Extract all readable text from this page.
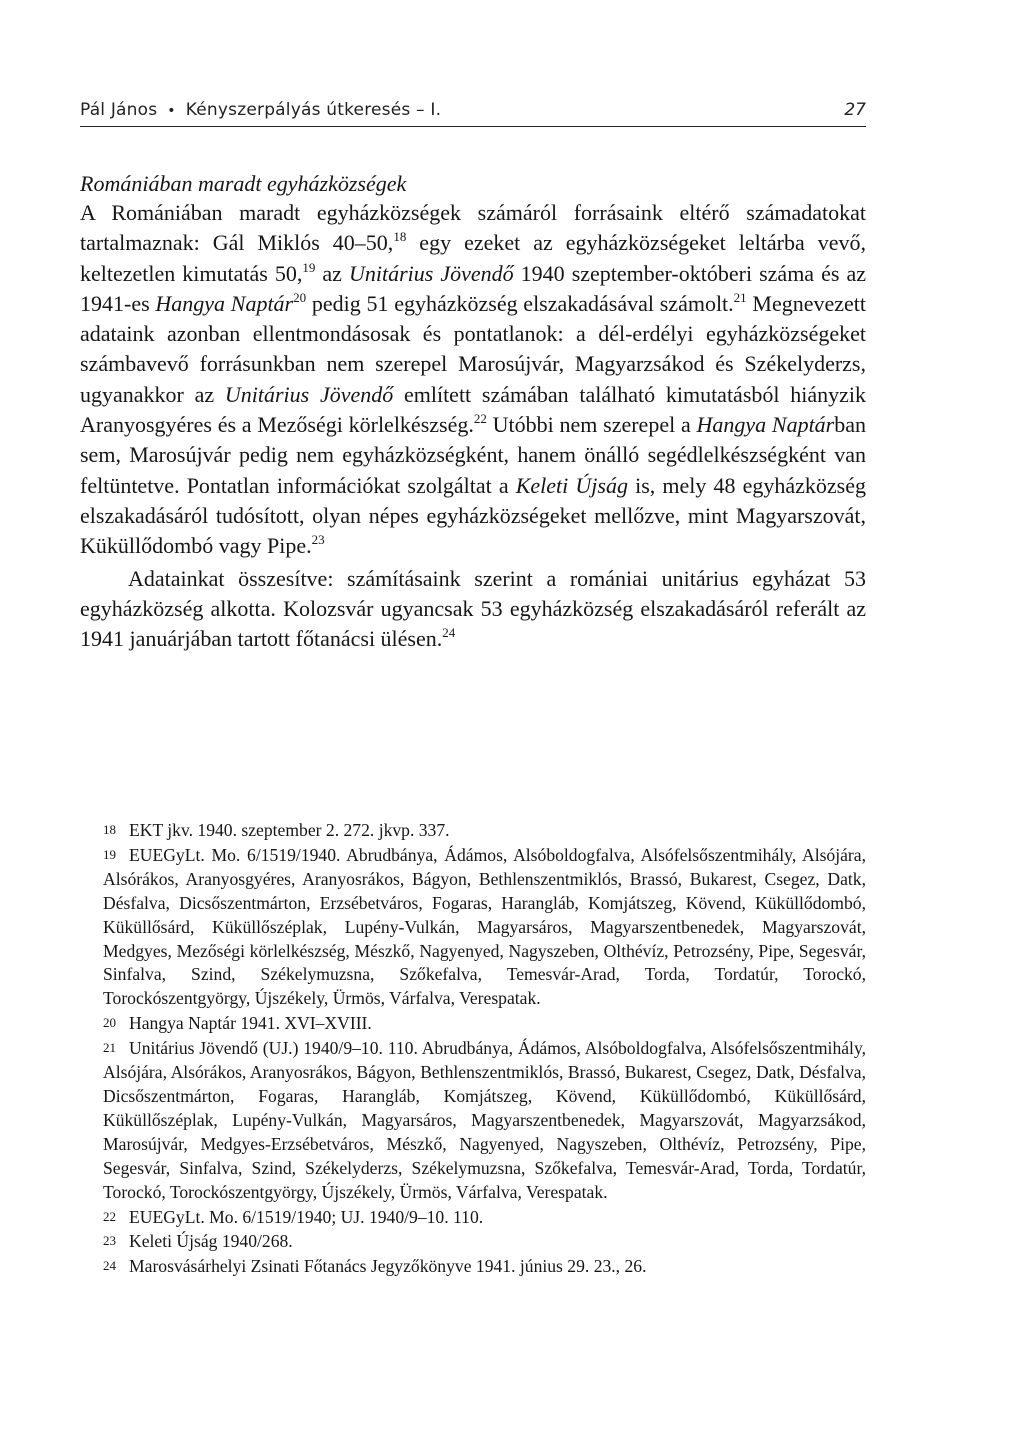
Pál János • Kényszerpályás útkeresés – I.	27
Romániában maradt egyházközségek

A Romániában maradt egyházközségek számáról forrásaink eltérő számadatokat tartalmaznak: Gál Miklós 40–50,18 egy ezeket az egyházközségeket leltárba vevő, keltezetlen kimutatás 50,19 az Unitárius Jövendő 1940 szeptember-októberi száma és az 1941-es Hangya Naptár$^{20}$ pedig 51 egyházközség elszakadásával számolt.$^{21}$ Megnevezett adataink azonban ellentmondásosak és pontatlanok: a dél-erdélyi egyházközségeket számbavevő forrásunkban nem szerepel Marosújvár, Magyarzsákod és Székelyderzs, ugyanakkor az Unitárius Jövendő említett számában található kimutatásból hiányzik Aranyosgyéres és a Mezőségi körlelkészség.$^{22}$ Utóbbi nem szerepel a Hangya Naptárban sem, Marosújvár pedig nem egyházközségként, hanem önálló segédlelkészségként van feltüntetve. Pontatlan információkat szolgáltat a Keleti Újság is, mely 48 egyházközség elszakadásáról tudósított, olyan népes egyházközségeket mellőzve, mint Magyarszovát, Küküllődombó vagy Pipe.$^{23}$

Adatainkat összesítve: számításaink szerint a romániai unitárius egyházat 53 egyházközség alkotta. Kolozsvár ugyancsak 53 egyházközség elszakadásáról referált az 1941 januárjában tartott főtanácsi ülésen.$^{24}$

18 EKT jkv. 1940. szeptember 2. 272. jkvp. 337.

19 EUEGyLt. Mo. 6/1519/1940. Abrudbánya, Ádámos, Alsóboldogfalva, Alsófelsőszentmihály, Alsójára, Alsórákos, Aranyosgyéres, Aranyosrákos, Bágyon, Bethlenszentmiklós, Brassó, Bukarest, Csegez, Datk, Désfalva, Dicsőszentmárton, Erzsébetváros, Fogaras, Harangláb, Komjátszeg, Kövend, Küküllődombó, Küküllősárd, Küküllőszéplak, Lupény-Vulkán, Magyarsáros, Magyarszentbenedek, Magyarszovát, Medgyes, Mezőségi körlelkészség, Mészkő, Nagyenyed, Nagyszeben, Olthévíz, Petrozsény, Pipe, Segesvár, Sinfalva, Szind, Székelymuzsna, Szőkefalva, Temesvár-Arad, Torda, Tordatúr, Torockó, Torockószentgyörgy, Újszékely, Ürmös, Várfalva, Verespatak.

20 Hangya Naptár 1941. XVI–XVIII.

21 Unitárius Jövendő (UJ.) 1940/9–10. 110. Abrudbánya, Ádámos, Alsóboldogfalva, Alsófelsőszentmihály, Alsójára, Alsórákos, Aranyosrákos, Bágyon, Bethlenszentmiklós, Brassó, Bukarest, Csegez, Datk, Désfalva, Dicsőszentmárton, Fogaras, Harangláb, Komjátszeg, Kövend, Küküllődombó, Küküllősárd, Küküllőszéplak, Lupény-Vulkán, Magyarsáros, Magyarszentbenedek, Magyarszovát, Magyarzsákod, Marosújvár, Medgyes-Erzsébetváros, Mészkő, Nagyenyed, Nagyszeben, Olthévíz, Petrozsény, Pipe, Segesvár, Sinfalva, Szind, Székelyderzs, Székelymuzsna, Szőkefalva, Temesvár-Arad, Torda, Tordatúr, Torockó, Torockószentgyörgy, Újszékely, Ürmös, Várfalva, Verespatak.

22 EUEGyLt. Mo. 6/1519/1940; UJ. 1940/9–10. 110.

23 Keleti Újság 1940/268.

24 Marosvásárhelyi Zsinati Főtanács Jegyzőkönyve 1941. június 29. 23., 26.
